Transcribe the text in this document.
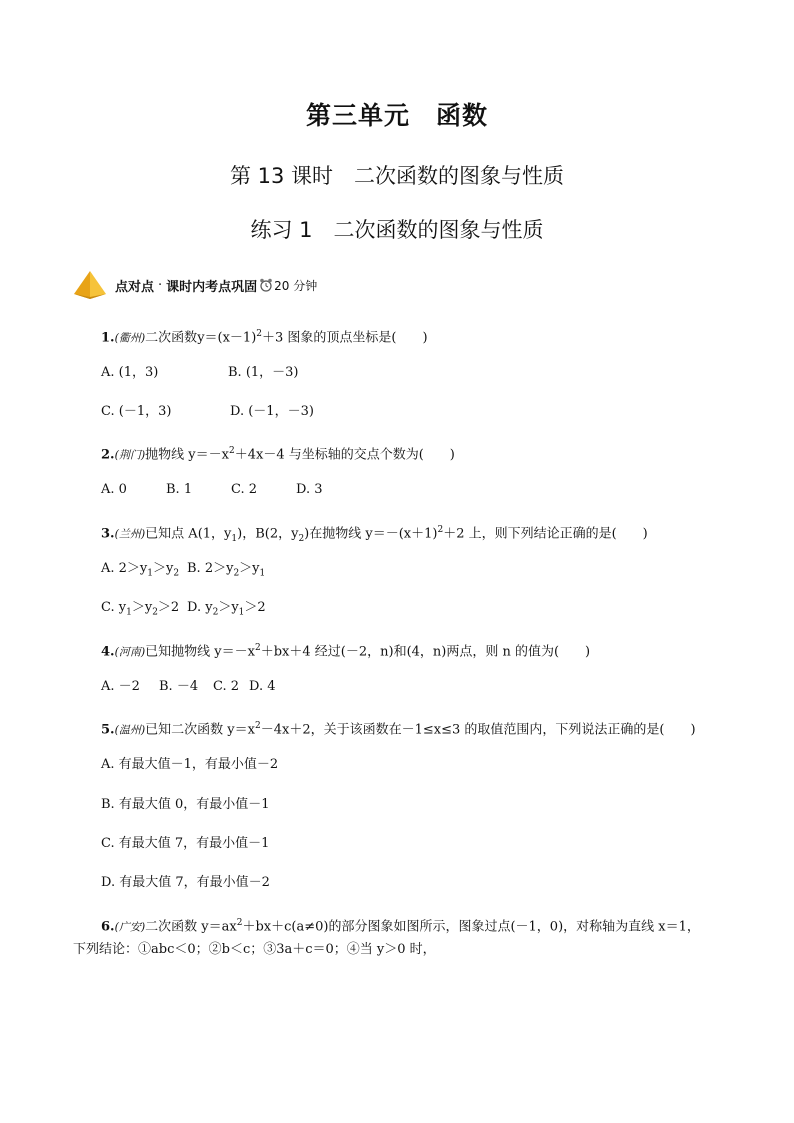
第三单元　函数
第 13 课时　二次函数的图象与性质
练习 1　二次函数的图象与性质
点对点 · 课时内考点巩固 20 分钟
1.(衢州)二次函数$y=(x-1)^2+3$ 图象的顶点坐标是(　　)
A. (1，3)	B. (1，－3)
C. (－1，3)	D. (－1，－3)
2.(荆门)抛物线 $y=-x^2+4x-4$ 与坐标轴的交点个数为(　　)
A. 0	B. 1	C. 2	D. 3
3.(兰州)已知点 A(1，$y_1$)，B(2，$y_2$)在抛物线 $y=-(x+1)^2+2$ 上，则下列结论正确的是(　　)
A. $2>y_1>y_2$ B. $2>y_2>y_1$
C. $y_1>y_2>2$ D. $y_2>y_1>2$
4.(河南)已知抛物线 $y=-x^2+bx+4$ 经过(－2，n)和(4，n)两点，则 n 的值为(　　)
A. －2 B. －4 C. 2 D. 4
5.(温州)已知二次函数 $y=x^2-4x+2$，关于该函数在－1≤x≤3 的取值范围内，下列说法正确的是(　　)
A. 有最大值－1，有最小值－2
B. 有最大值 0，有最小值－1
C. 有最大值 7，有最小值－1
D. 有最大值 7，有最小值－2
6.(广安)二次函数 $y=ax^2+bx+c(a\ne 0)$的部分图象如图所示，图象过点(－1，0)，对称轴为直线 x＝1，
下列结论：①abc＜0；②b＜c；③3a＋c＝0；④当 y＞0 时，
